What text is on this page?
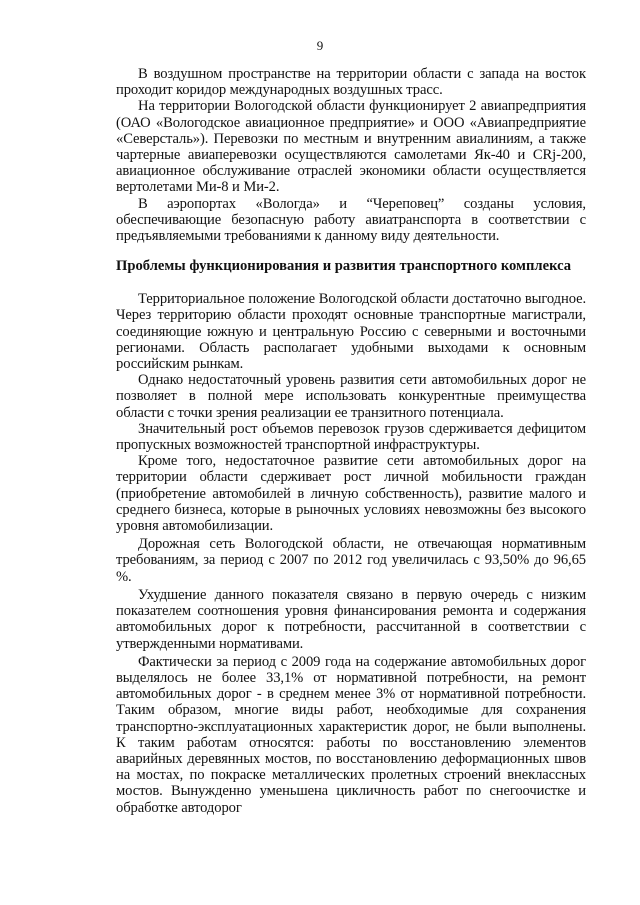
9

В воздушном пространстве на территории области с запада на восток проходит коридор международных воздушных трасс.

На территории Вологодской области функционирует 2 авиапредприятия (ОАО «Вологодское авиационное предприятие» и ООО «Авиапредприятие «Северсталь»). Перевозки по местным и внутренним авиалиниям, а также чартерные авиаперевозки осуществляются самолетами Як-40 и CRj-200, авиационное обслуживание отраслей экономики области осуществляется вертолетами Ми-8 и Ми-2.

В аэропортах «Вологда» и “Череповец” созданы условия, обеспечивающие безопасную работу авиатранспорта в соответствии с предъявляемыми требованиями к данному виду деятельности.

Проблемы функционирования и развития транспортного комплекса

Территориальное положение Вологодской области достаточно выгодное. Через территорию области проходят основные транспортные магистрали, соединяющие южную и центральную Россию с северными и восточными регионами. Область располагает удобными выходами к основным российским рынкам.

Однако недостаточный уровень развития сети автомобильных дорог не позволяет в полной мере использовать конкурентные преимущества области с точки зрения реализации ее транзитного потенциала.

Значительный рост объемов перевозок грузов сдерживается дефицитом пропускных возможностей транспортной инфраструктуры.

Кроме того, недостаточное развитие сети автомобильных дорог на территории области сдерживает рост личной мобильности граждан (приобретение автомобилей в личную собственность), развитие малого и среднего бизнеса, которые в рыночных условиях невозможны без высокого уровня автомобилизации.

Дорожная сеть Вологодской области, не отвечающая нормативным требованиям, за период с 2007 по 2012 год увеличилась с 93,50% до 96,65 %.

Ухудшение данного показателя связано в первую очередь с низким показателем соотношения уровня финансирования ремонта и содержания автомобильных дорог к потребности, рассчитанной в соответствии с утвержденными нормативами.

Фактически за период с 2009 года на содержание автомобильных дорог выделялось не более 33,1% от нормативной потребности, на ремонт автомобильных дорог - в среднем менее 3% от нормативной потребности. Таким образом, многие виды работ, необходимые для сохранения транспортно-эксплуатационных характеристик дорог, не были выполнены. К таким работам относятся: работы по восстановлению элементов аварийных деревянных мостов, по восстановлению деформационных швов на мостах, по покраске металлических пролетных строений внеклассных мостов. Вынужденно уменьшена цикличность работ по снегоочистке и обработке автодорог
